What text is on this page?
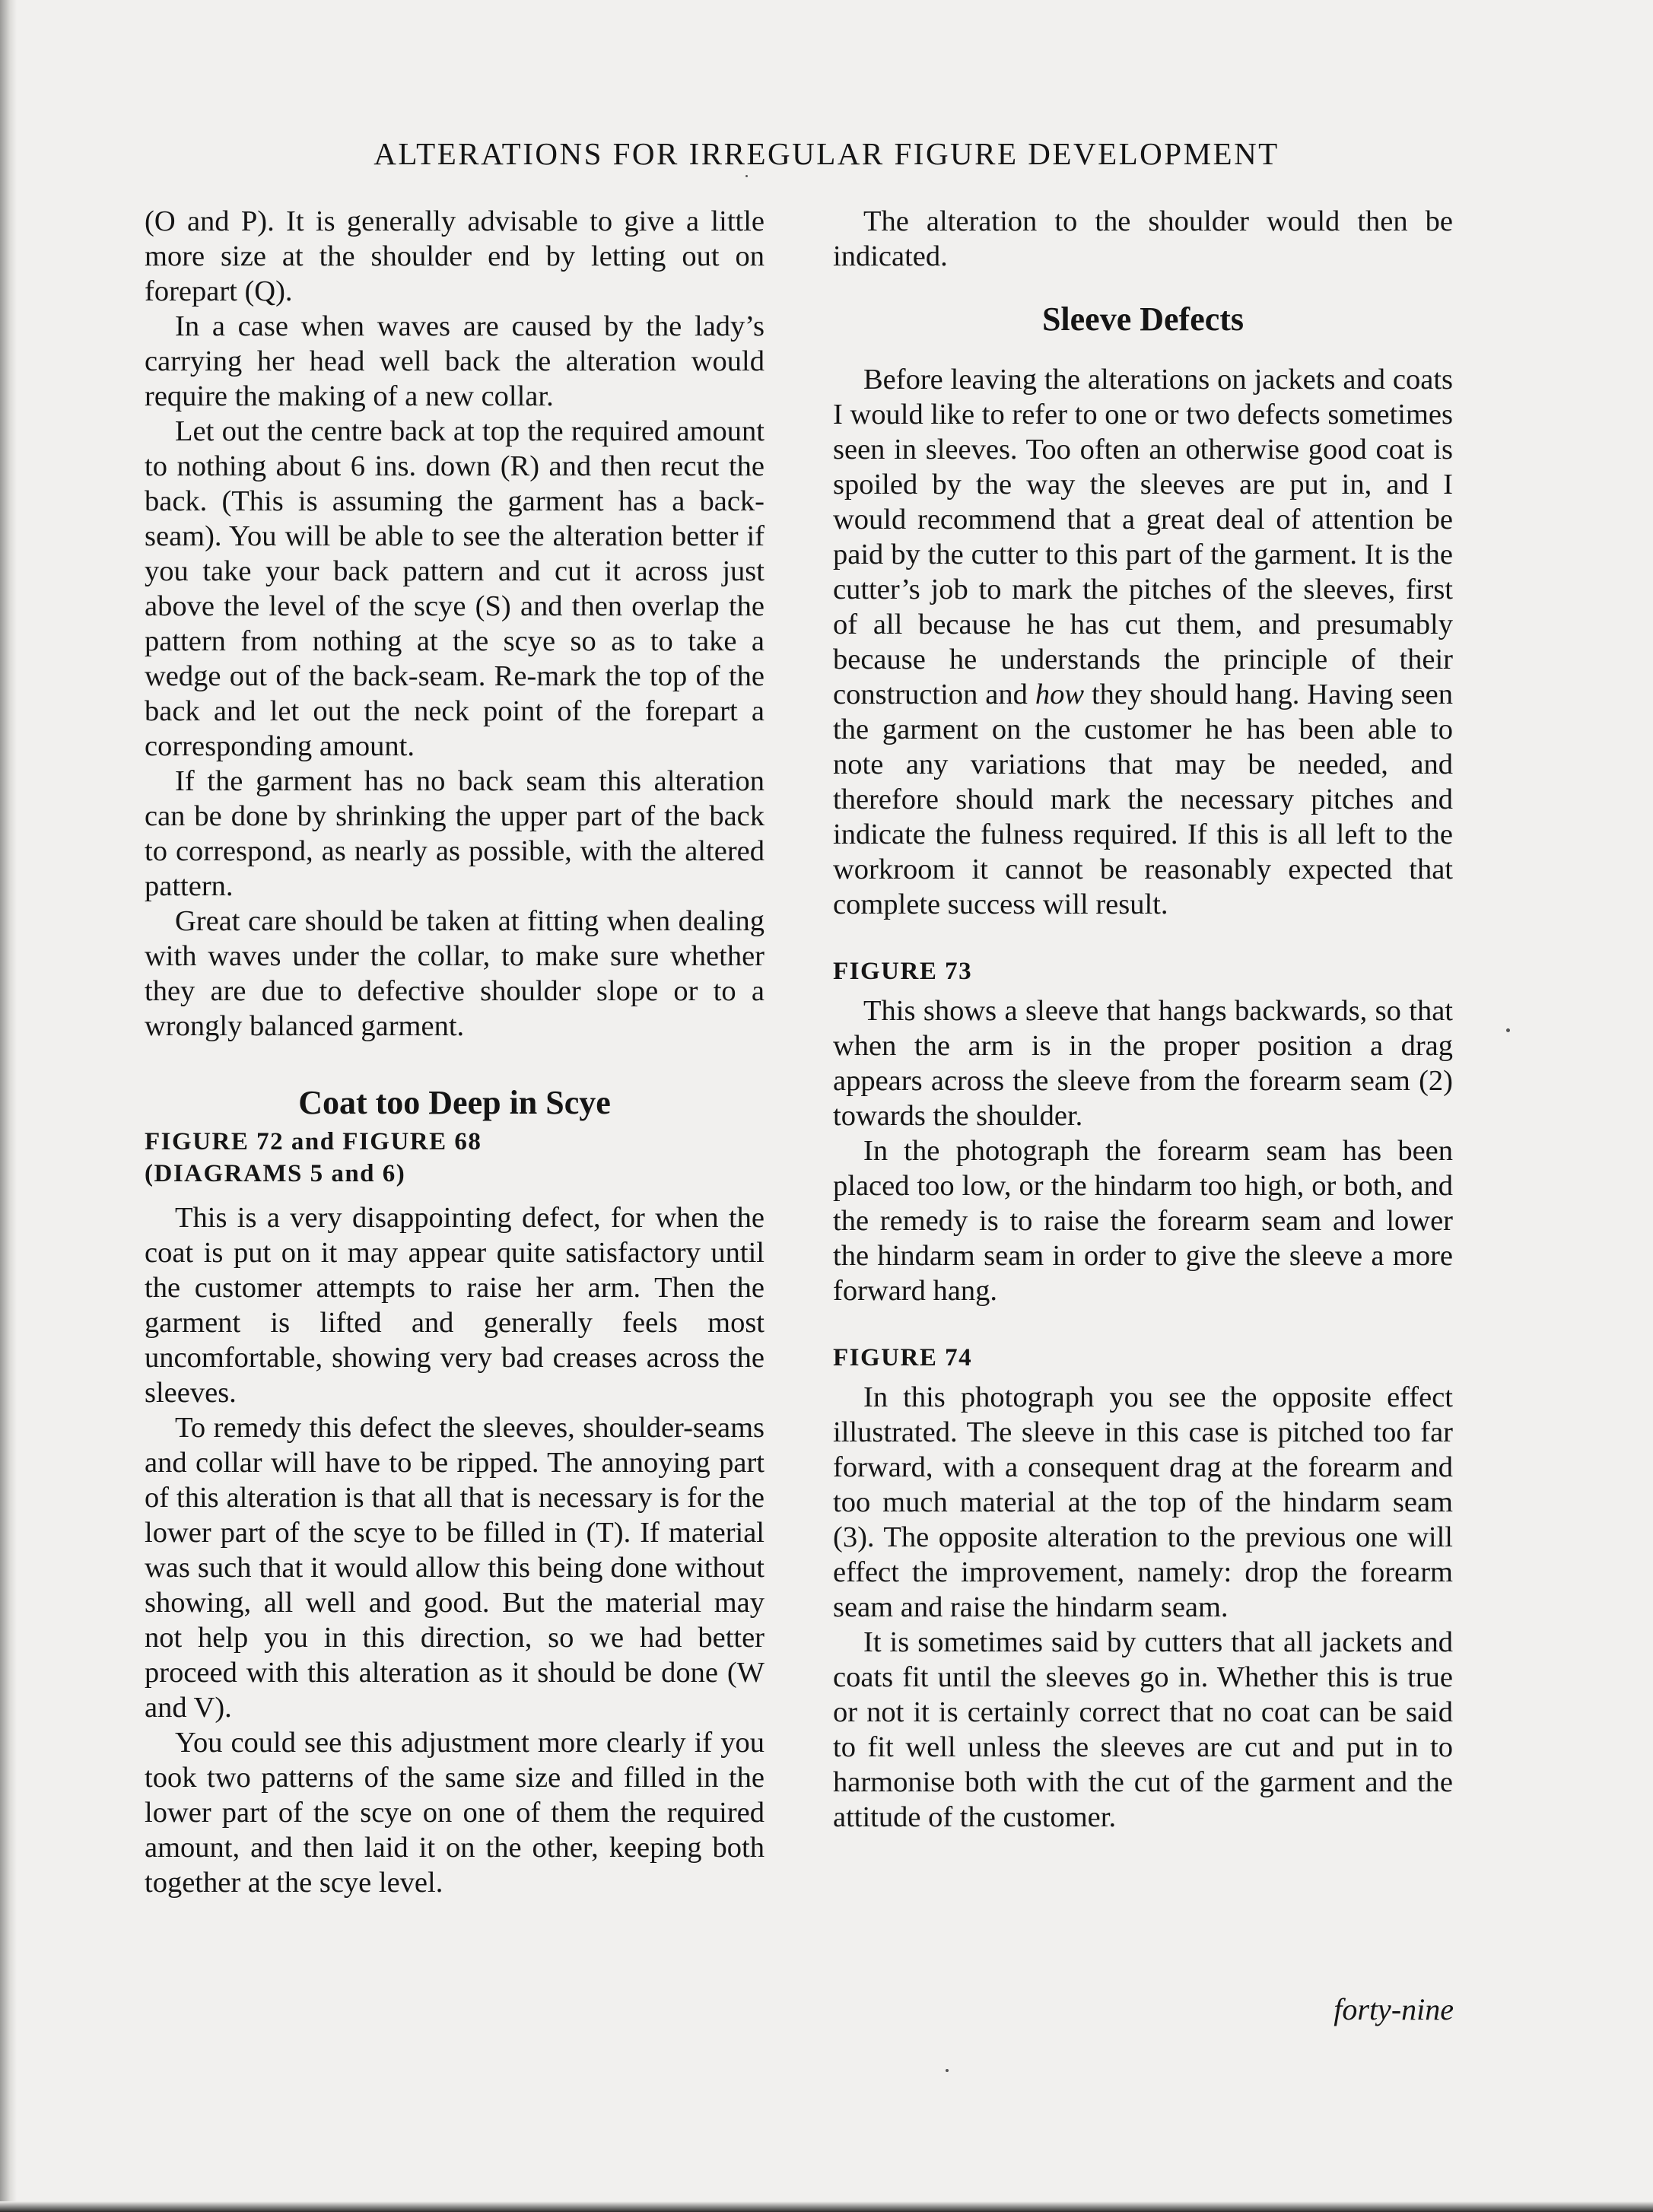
ALTERATIONS FOR IRREGULAR FIGURE DEVELOPMENT

(O and P). It is generally advisable to give a little more size at the shoulder end by letting out on forepart (Q).

In a case when waves are caused by the lady’s carrying her head well back the alteration would require the making of a new collar.

Let out the centre back at top the required amount to nothing about 6 ins. down (R) and then recut the back. (This is assuming the garment has a back-seam). You will be able to see the alteration better if you take your back pattern and cut it across just above the level of the scye (S) and then overlap the pattern from nothing at the scye so as to take a wedge out of the back-seam. Re-mark the top of the back and let out the neck point of the forepart a corresponding amount.

If the garment has no back seam this alteration can be done by shrinking the upper part of the back to correspond, as nearly as possible, with the altered pattern.

Great care should be taken at fitting when dealing with waves under the collar, to make sure whether they are due to defective shoulder slope or to a wrongly balanced garment.

Coat too Deep in Scye
FIGURE 72 and FIGURE 68
(DIAGRAMS 5 and 6)

This is a very disappointing defect, for when the coat is put on it may appear quite satisfactory until the customer attempts to raise her arm. Then the garment is lifted and generally feels most uncomfortable, showing very bad creases across the sleeves.

To remedy this defect the sleeves, shoulder-seams and collar will have to be ripped. The annoying part of this alteration is that all that is necessary is for the lower part of the scye to be filled in (T). If material was such that it would allow this being done without showing, all well and good. But the material may not help you in this direction, so we had better proceed with this alteration as it should be done (W and V).

You could see this adjustment more clearly if you took two patterns of the same size and filled in the lower part of the scye on one of them the required amount, and then laid it on the other, keeping both together at the scye level.

The alteration to the shoulder would then be indicated.

Sleeve Defects

Before leaving the alterations on jackets and coats I would like to refer to one or two defects sometimes seen in sleeves. Too often an otherwise good coat is spoiled by the way the sleeves are put in, and I would recommend that a great deal of attention be paid by the cutter to this part of the garment. It is the cutter’s job to mark the pitches of the sleeves, first of all because he has cut them, and presumably because he understands the principle of their construction and how they should hang. Having seen the garment on the customer he has been able to note any variations that may be needed, and therefore should mark the necessary pitches and indicate the fulness required. If this is all left to the workroom it cannot be reasonably expected that complete success will result.

FIGURE 73

This shows a sleeve that hangs backwards, so that when the arm is in the proper position a drag appears across the sleeve from the forearm seam (2) towards the shoulder.

In the photograph the forearm seam has been placed too low, or the hindarm too high, or both, and the remedy is to raise the forearm seam and lower the hindarm seam in order to give the sleeve a more forward hang.

FIGURE 74

In this photograph you see the opposite effect illustrated. The sleeve in this case is pitched too far forward, with a consequent drag at the forearm and too much material at the top of the hindarm seam (3). The opposite alteration to the previous one will effect the improvement, namely: drop the forearm seam and raise the hindarm seam.

It is sometimes said by cutters that all jackets and coats fit until the sleeves go in. Whether this is true or not it is certainly correct that no coat can be said to fit well unless the sleeves are cut and put in to harmonise both with the cut of the garment and the attitude of the customer.

forty-nine
